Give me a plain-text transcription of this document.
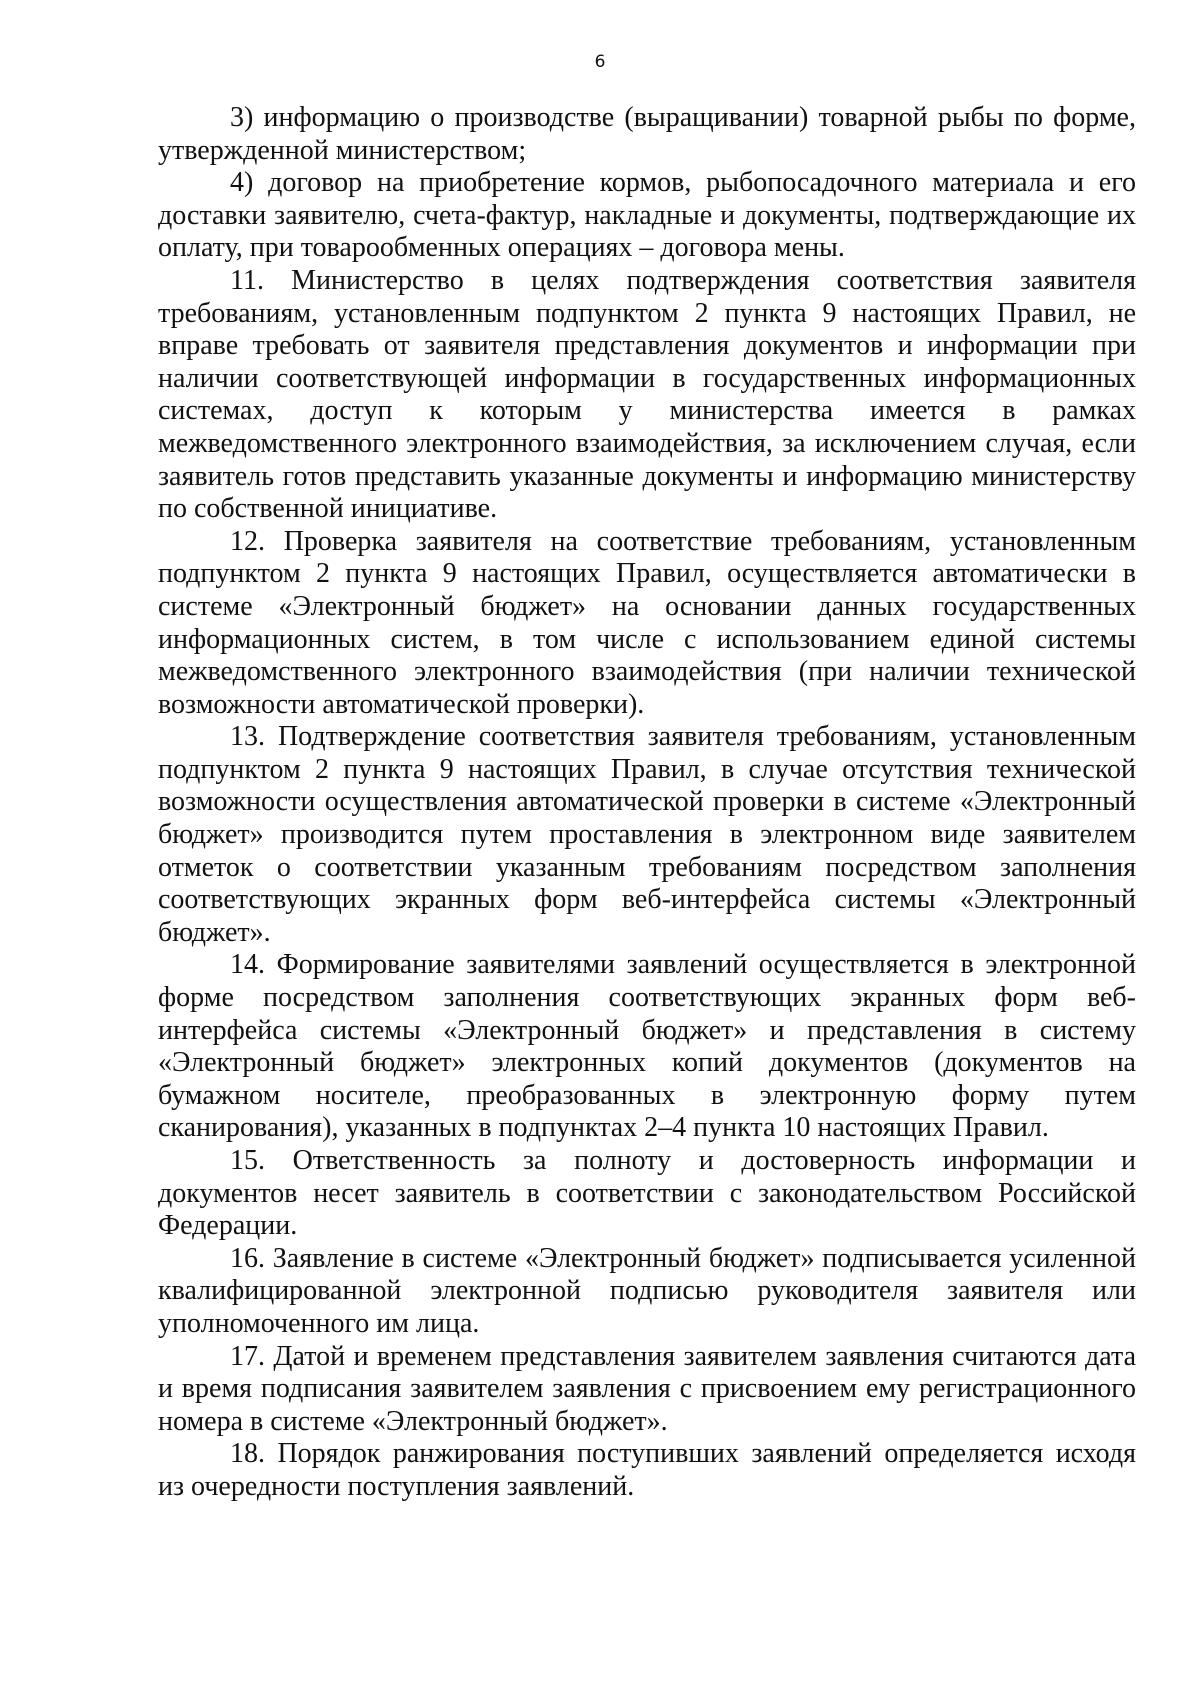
6

3) информацию о производстве (выращивании) товарной рыбы по форме, утвержденной министерством;

4) договор на приобретение кормов, рыбопосадочного материала и его доставки заявителю, счета-фактур, накладные и документы, подтверждающие их оплату, при товарообменных операциях – договора мены.

11. Министерство в целях подтверждения соответствия заявителя требованиям, установленным подпунктом 2 пункта 9 настоящих Правил, не вправе требовать от заявителя представления документов и информации при наличии соответствующей информации в государственных информационных системах, доступ к которым у министерства имеется в рамках межведомственного электронного взаимодействия, за исключением случая, если заявитель готов представить указанные документы и информацию министерству по собственной инициативе.

12. Проверка заявителя на соответствие требованиям, установленным подпунктом 2 пункта 9 настоящих Правил, осуществляется автоматически в системе «Электронный бюджет» на основании данных государственных информационных систем, в том числе с использованием единой системы межведомственного электронного взаимодействия (при наличии технической возможности автоматической проверки).

13. Подтверждение соответствия заявителя требованиям, установленным подпунктом 2 пункта 9 настоящих Правил, в случае отсутствия технической возможности осуществления автоматической проверки в системе «Электронный бюджет» производится путем проставления в электронном виде заявителем отметок о соответствии указанным требованиям посредством заполнения соответствующих экранных форм веб-интерфейса системы «Электронный бюджет».

14. Формирование заявителями заявлений осуществляется в электронной форме посредством заполнения соответствующих экранных форм веб-интерфейса системы «Электронный бюджет» и представления в систему «Электронный бюджет» электронных копий документов (документов на бумажном носителе, преобразованных в электронную форму путем сканирования), указанных в подпунктах 2–4 пункта 10 настоящих Правил.

15. Ответственность за полноту и достоверность информации и документов несет заявитель в соответствии с законодательством Российской Федерации.

16. Заявление в системе «Электронный бюджет» подписывается усиленной квалифицированной электронной подписью руководителя заявителя или уполномоченного им лица.

17. Датой и временем представления заявителем заявления считаются дата и время подписания заявителем заявления с присвоением ему регистрационного номера в системе «Электронный бюджет».

18. Порядок ранжирования поступивших заявлений определяется исходя из очередности поступления заявлений.
